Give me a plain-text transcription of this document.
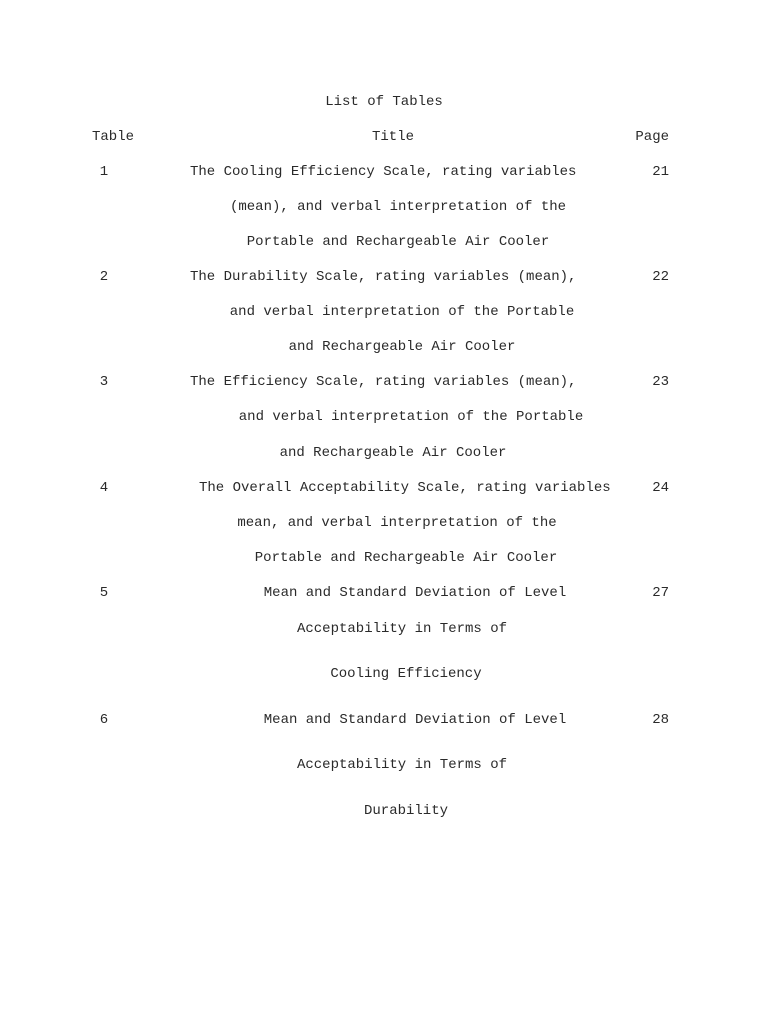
List of Tables
Table	Title	Page
1	The Cooling Efficiency Scale, rating variables
(mean), and verbal interpretation of the
Portable and Rechargeable Air Cooler
21
2	The Durability Scale, rating variables (mean),
and verbal interpretation of the Portable
and Rechargeable Air Cooler
22
3	The Efficiency Scale, rating variables (mean),
and verbal interpretation of the Portable
and Rechargeable Air Cooler
23
4	The Overall Acceptability Scale, rating variables
mean, and verbal interpretation of the
Portable and Rechargeable Air Cooler
24
5	Mean and Standard Deviation of Level
Acceptability in Terms of
Cooling Efficiency
27
6	Mean and Standard Deviation of Level
Acceptability in Terms of
Durability
28
